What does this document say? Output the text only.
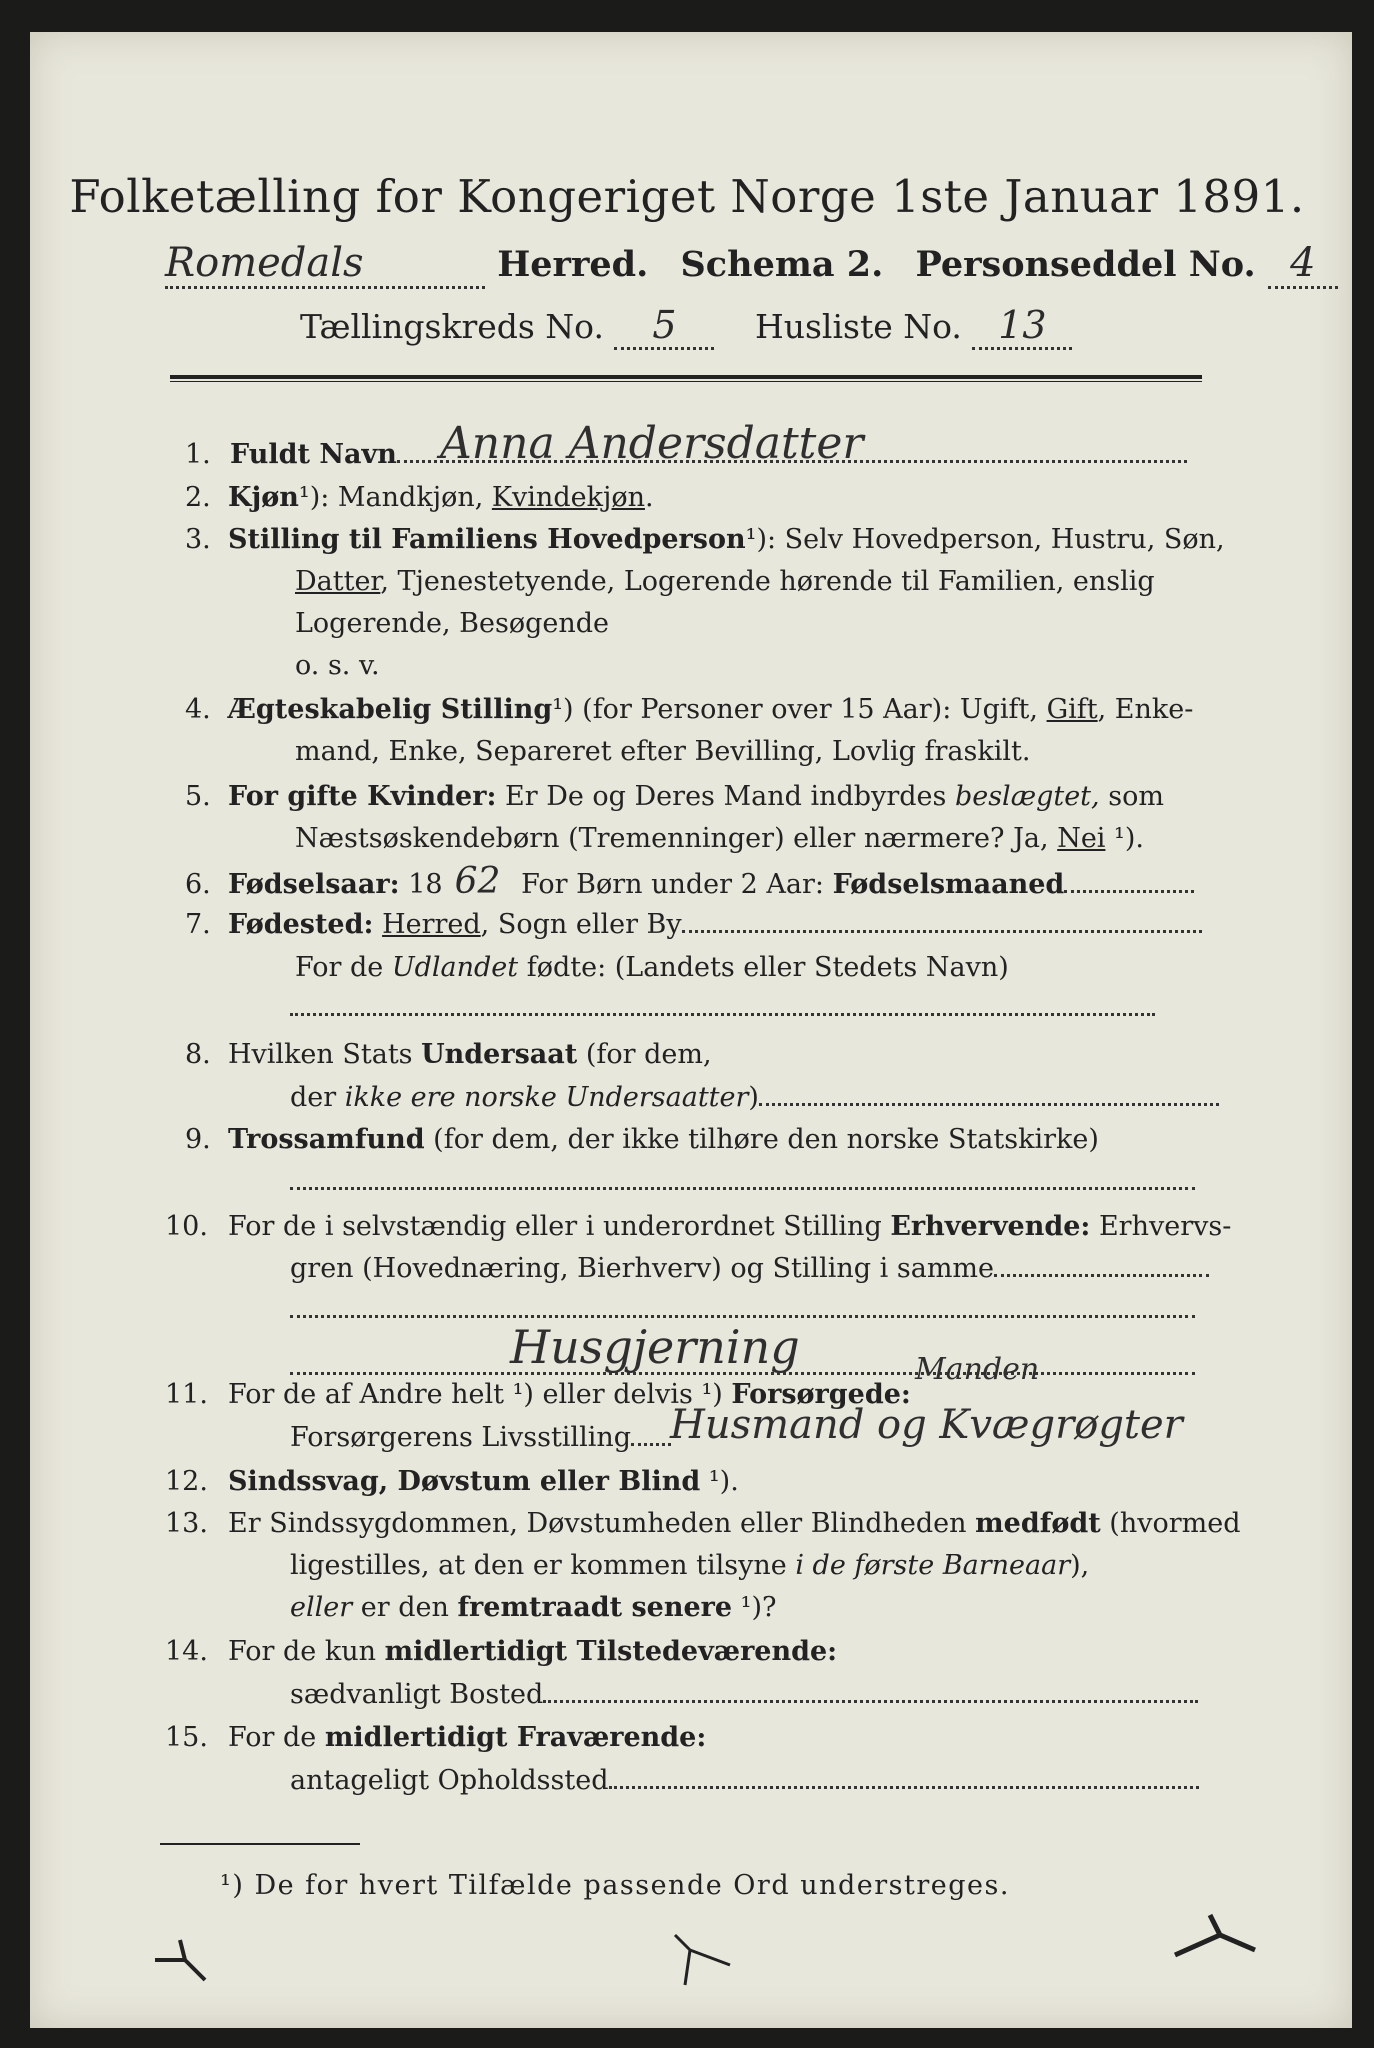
Folketælling for Kongeriget Norge 1ste Januar 1891.
Romedals	Herred. Schema 2. Personseddel No. 4
Tællingskreds No. 5 Husliste No. 13
1. Fuldt Navn Anna Andersdatter
2. Kjøn¹): Mandkjøn, Kvindekjøn.
3. Stilling til Familiens Hovedperson¹): Selv Hovedperson, Hustru, Søn,
Datter, Tjenestetyende, Logerende hørende til Familien, enslig
Logerende, Besøgende
o. s. v.
4. Ægteskabelig Stilling¹) (for Personer over 15 Aar): Ugift, Gift, Enke-
mand, Enke, Separeret efter Bevilling, Lovlig fraskilt.
5. For gifte Kvinder: Er De og Deres Mand indbyrdes beslægtet, som
Næstsøskendebørn (Tremenninger) eller nærmere? Ja, Nei ¹).
6. Fødselsaar: 18 62 For Børn under 2 Aar: Fødselsmaaned
7. Fødested: Herred, Sogn eller By
For de Udlandet fødte: (Landets eller Stedets Navn)
8. Hvilken Stats Undersaat (for dem,
der ikke ere norske Undersaatter)
9. Trossamfund (for dem, der ikke tilhøre den norske Statskirke)
10. For de i selvstændig eller i underordnet Stilling Erhvervende: Erhvervs-
gren (Hovednæring, Bierhverv) og Stilling i samme
Husgjerning
11. For de af Andre helt ¹) eller delvis ¹) Forsørgede:
Manden
Forsørgerens Livsstilling Husmand og Kvægrøgter
12. Sindssvag, Døvstum eller Blind ¹).
13. Er Sindssygdommen, Døvstumheden eller Blindheden medfødt (hvormed
ligestilles, at den er kommen tilsyne i de første Barneaar),
eller er den fremtraadt senere ¹)?
14. For de kun midlertidigt Tilstedeværende:
sædvanligt Bosted
15. For de midlertidigt Fraværende:
antageligt Opholdssted
¹) De for hvert Tilfælde passende Ord understreges.
